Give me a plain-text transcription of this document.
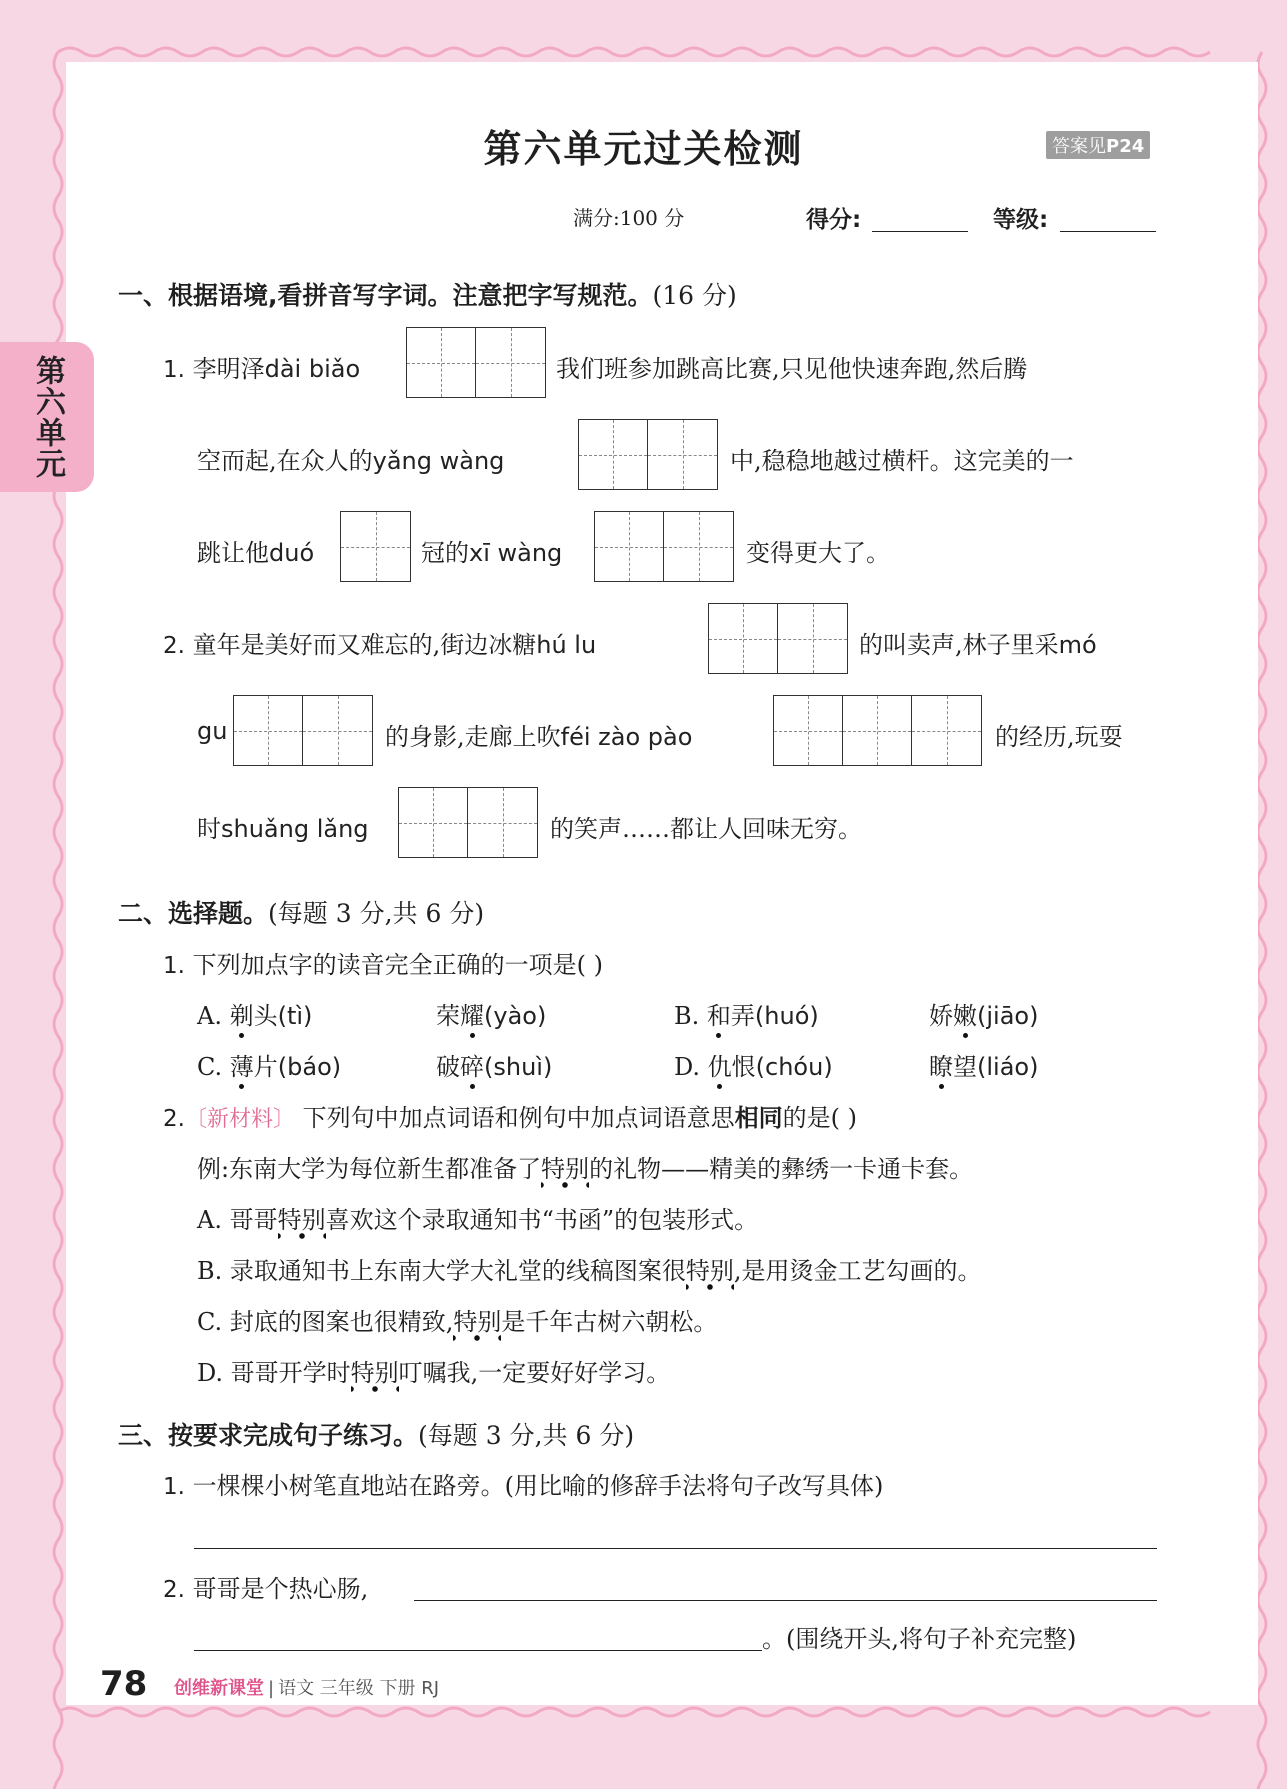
第六单元
第六单元过关检测	答案见P24
满分:100 分	得分:	等级:
一、根据语境,看拼音写字词。注意把字写规范。(16 分)
1. 李明泽dài biǎo	我们班参加跳高比赛,只见他快速奔跑,然后腾
空而起,在众人的yǎng wàng	中,稳稳地越过横杆。这完美的一
跳让他duó	冠的xī wàng	变得更大了。
2. 童年是美好而又难忘的,街边冰糖hú lu	的叫卖声,林子里采mó
gu	的身影,走廊上吹féi zào pào	的经历,玩耍
时shuǎng lǎng	的笑声……都让人回味无穷。
二、选择题。(每题 3 分,共 6 分)
1. 下列加点字的读音完全正确的一项是( )
A. 剃头(tì)	荣耀(yào)	B. 和弄(huó)	娇嫩(jiāo)
C. 薄片(báo)	破碎(shuì)	D. 仇恨(chóu)	瞭望(liáo)
2.〔新材料〕 下列句中加点词语和例句中加点词语意思相同的是( )
例:东南大学为每位新生都准备了特别的礼物——精美的彝绣一卡通卡套。
A. 哥哥特别喜欢这个录取通知书“书函”的包装形式。
B. 录取通知书上东南大学大礼堂的线稿图案很特别,是用烫金工艺勾画的。
C. 封底的图案也很精致,特别是千年古树六朝松。
D. 哥哥开学时特别叮嘱我,一定要好好学习。
三、按要求完成句子练习。(每题 3 分,共 6 分)
1. 一棵棵小树笔直地站在路旁。(用比喻的修辞手法将句子改写具体)
2. 哥哥是个热心肠,
。(围绕开头,将句子补充完整)
78 创维新课堂 | 语文 三年级 下册 RJ
